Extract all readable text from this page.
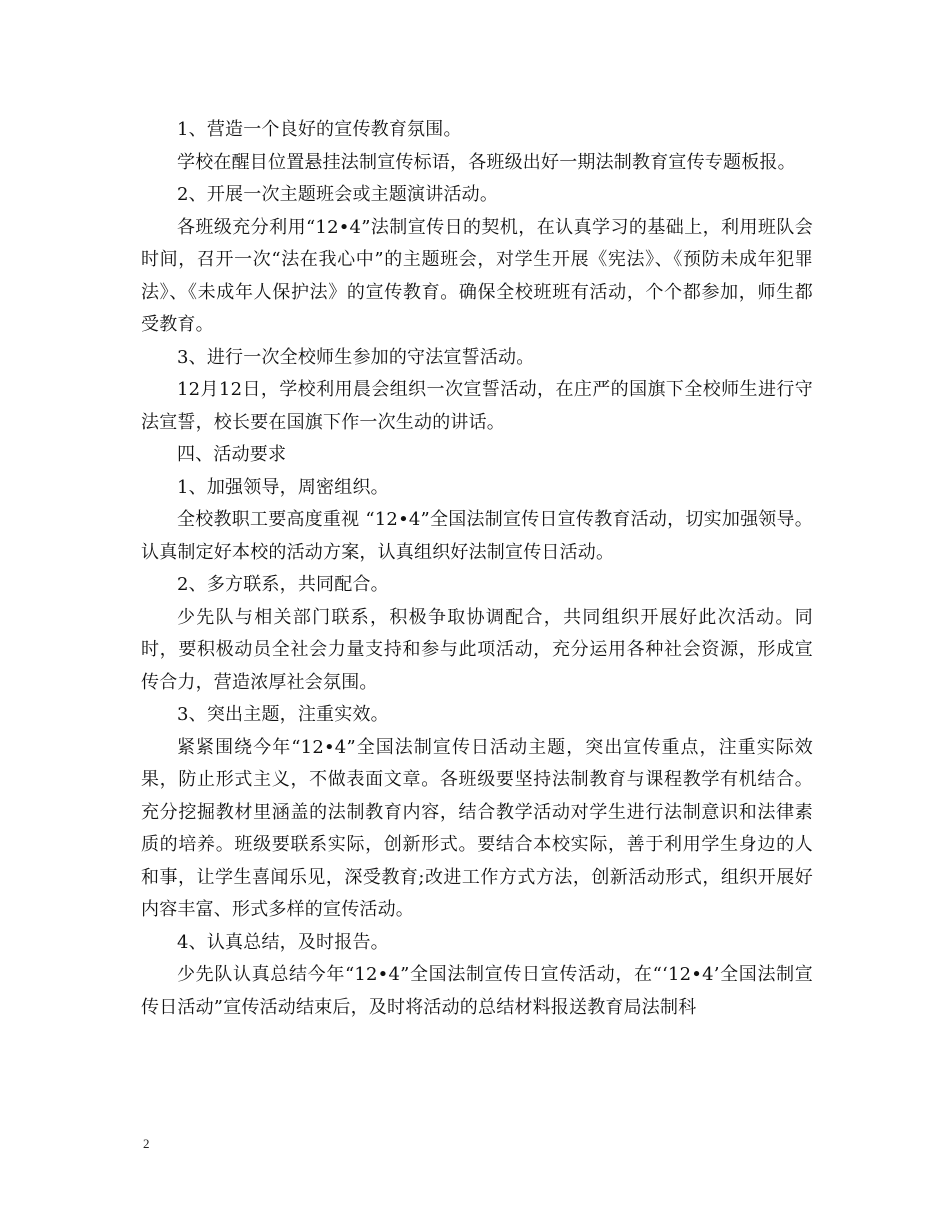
1、营造一个良好的宣传教育氛围。

学校在醒目位置悬挂法制宣传标语，各班级出好一期法制教育宣传专题板报。

2、开展一次主题班会或主题演讲活动。

各班级充分利用“12•4”法制宣传日的契机，在认真学习的基础上，利用班队会时间，召开一次“法在我心中”的主题班会，对学生开展《宪法》、《预防未成年犯罪法》、《未成年人保护法》的宣传教育。确保全校班班有活动，个个都参加，师生都受教育。

3、进行一次全校师生参加的守法宣誓活动。

12月12日，学校利用晨会组织一次宣誓活动，在庄严的国旗下全校师生进行守法宣誓，校长要在国旗下作一次生动的讲话。

四、活动要求

1、加强领导，周密组织。

全校教职工要高度重视 “12•4”全国法制宣传日宣传教育活动，切实加强领导。认真制定好本校的活动方案，认真组织好法制宣传日活动。

2、多方联系，共同配合。

少先队与相关部门联系，积极争取协调配合，共同组织开展好此次活动。同时，要积极动员全社会力量支持和参与此项活动，充分运用各种社会资源，形成宣传合力，营造浓厚社会氛围。

3、突出主题，注重实效。

紧紧围绕今年“12•4”全国法制宣传日活动主题，突出宣传重点，注重实际效果，防止形式主义，不做表面文章。各班级要坚持法制教育与课程教学有机结合。充分挖掘教材里涵盖的法制教育内容，结合教学活动对学生进行法制意识和法律素质的培养。班级要联系实际，创新形式。要结合本校实际，善于利用学生身边的人和事，让学生喜闻乐见，深受教育;改进工作方式方法，创新活动形式，组织开展好内容丰富、形式多样的宣传活动。

4、认真总结，及时报告。

少先队认真总结今年“12•4”全国法制宣传日宣传活动，在“‘12•4’全国法制宣传日活动”宣传活动结束后，及时将活动的总结材料报送教育局法制科

2
